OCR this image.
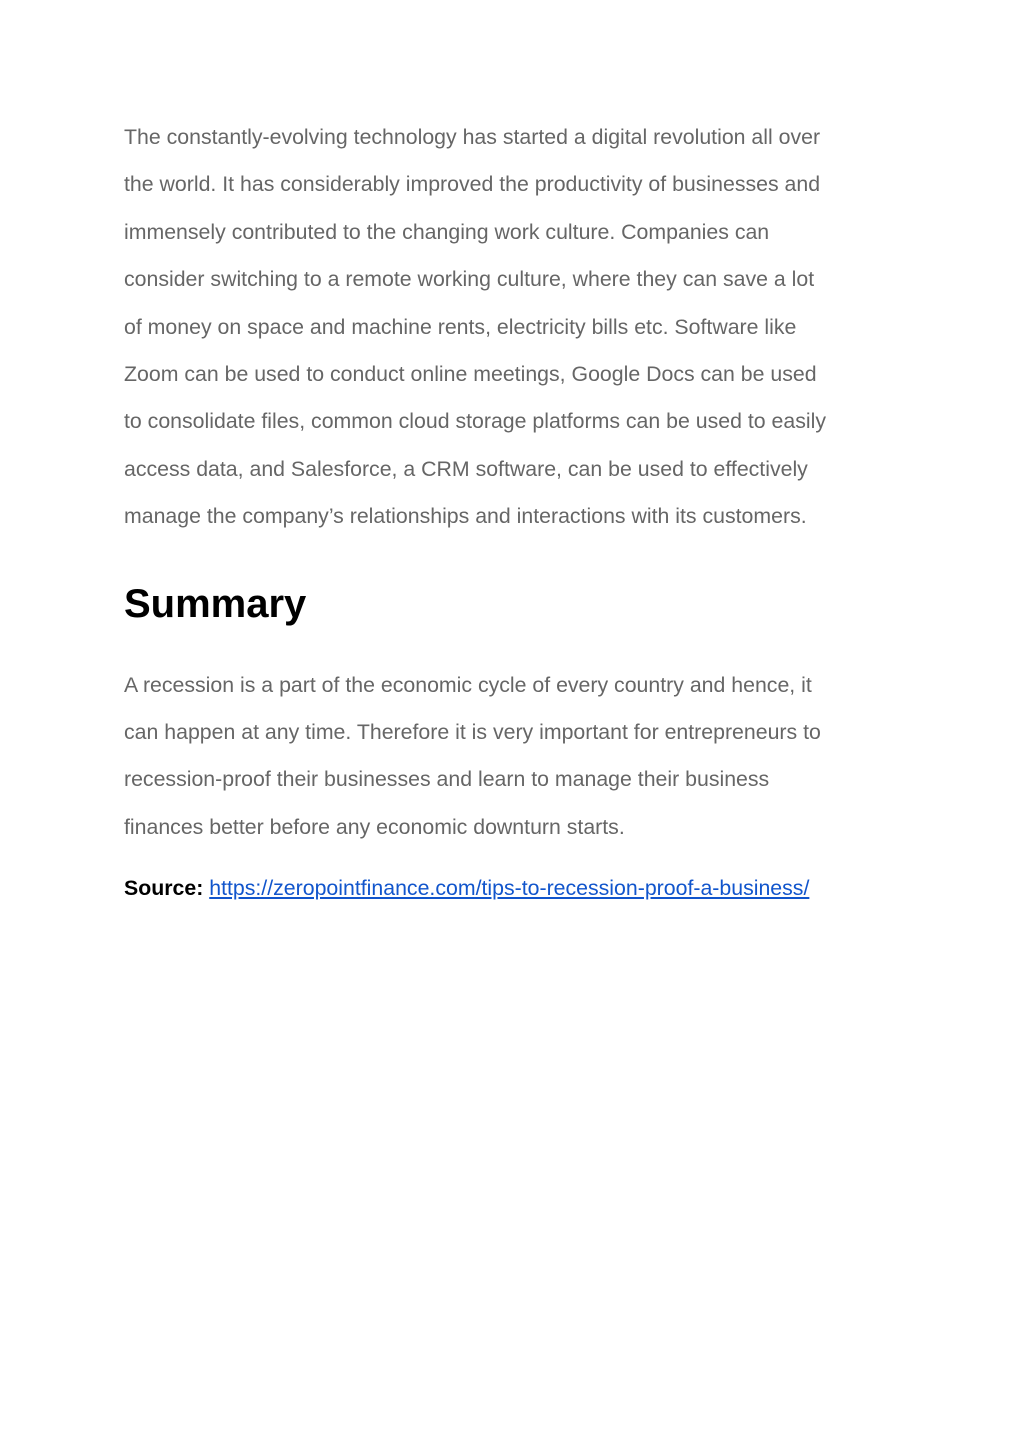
The constantly-evolving technology has started a digital revolution all over
the world. It has considerably improved the productivity of businesses and
immensely contributed to the changing work culture. Companies can
consider switching to a remote working culture, where they can save a lot
of money on space and machine rents, electricity bills etc. Software like
Zoom can be used to conduct online meetings, Google Docs can be used
to consolidate files, common cloud storage platforms can be used to easily
access data, and Salesforce, a CRM software, can be used to effectively
manage the company’s relationships and interactions with its customers.

Summary

A recession is a part of the economic cycle of every country and hence, it
can happen at any time. Therefore it is very important for entrepreneurs to
recession-proof their businesses and learn to manage their business
finances better before any economic downturn starts.

Source: https://zeropointfinance.com/tips-to-recession-proof-a-business/
